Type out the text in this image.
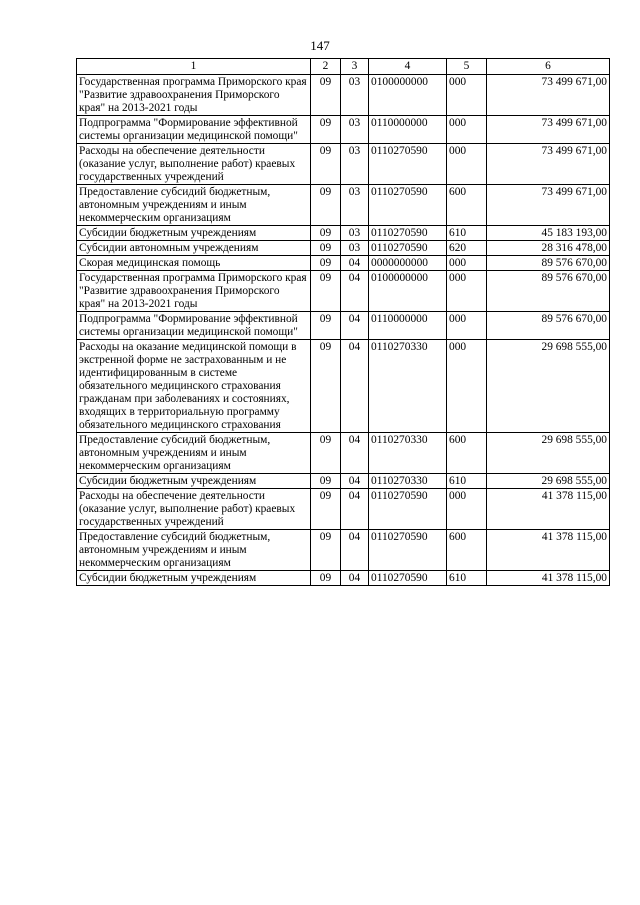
147
1	2	3	4	5	6
Государственная программа Приморского края "Развитие здравоохранения Приморского края" на 2013-2021 годы	09	03	0100000000	000	73 499 671,00
Подпрограмма "Формирование эффективной системы организации медицинской помощи"	09	03	0110000000	000	73 499 671,00
Расходы на обеспечение деятельности (оказание услуг, выполнение работ) краевых государственных учреждений	09	03	0110270590	000	73 499 671,00
Предоставление субсидий бюджетным, автономным учреждениям и иным некоммерческим организациям	09	03	0110270590	600	73 499 671,00
Субсидии бюджетным учреждениям	09	03	0110270590	610	45 183 193,00
Субсидии автономным учреждениям	09	03	0110270590	620	28 316 478,00
Скорая медицинская помощь	09	04	0000000000	000	89 576 670,00
Государственная программа Приморского края "Развитие здравоохранения Приморского края" на 2013-2021 годы	09	04	0100000000	000	89 576 670,00
Подпрограмма "Формирование эффективной системы организации медицинской помощи"	09	04	0110000000	000	89 576 670,00
Расходы на оказание медицинской помощи в экстренной форме не застрахованным и не идентифицированным в системе обязательного медицинского страхования гражданам при заболеваниях и состояниях, входящих в территориальную программу обязательного медицинского страхования	09	04	0110270330	000	29 698 555,00
Предоставление субсидий бюджетным, автономным учреждениям и иным некоммерческим организациям	09	04	0110270330	600	29 698 555,00
Субсидии бюджетным учреждениям	09	04	0110270330	610	29 698 555,00
Расходы на обеспечение деятельности (оказание услуг, выполнение работ) краевых государственных учреждений	09	04	0110270590	000	41 378 115,00
Предоставление субсидий бюджетным, автономным учреждениям и иным некоммерческим организациям	09	04	0110270590	600	41 378 115,00
Субсидии бюджетным учреждениям	09	04	0110270590	610	41 378 115,00
